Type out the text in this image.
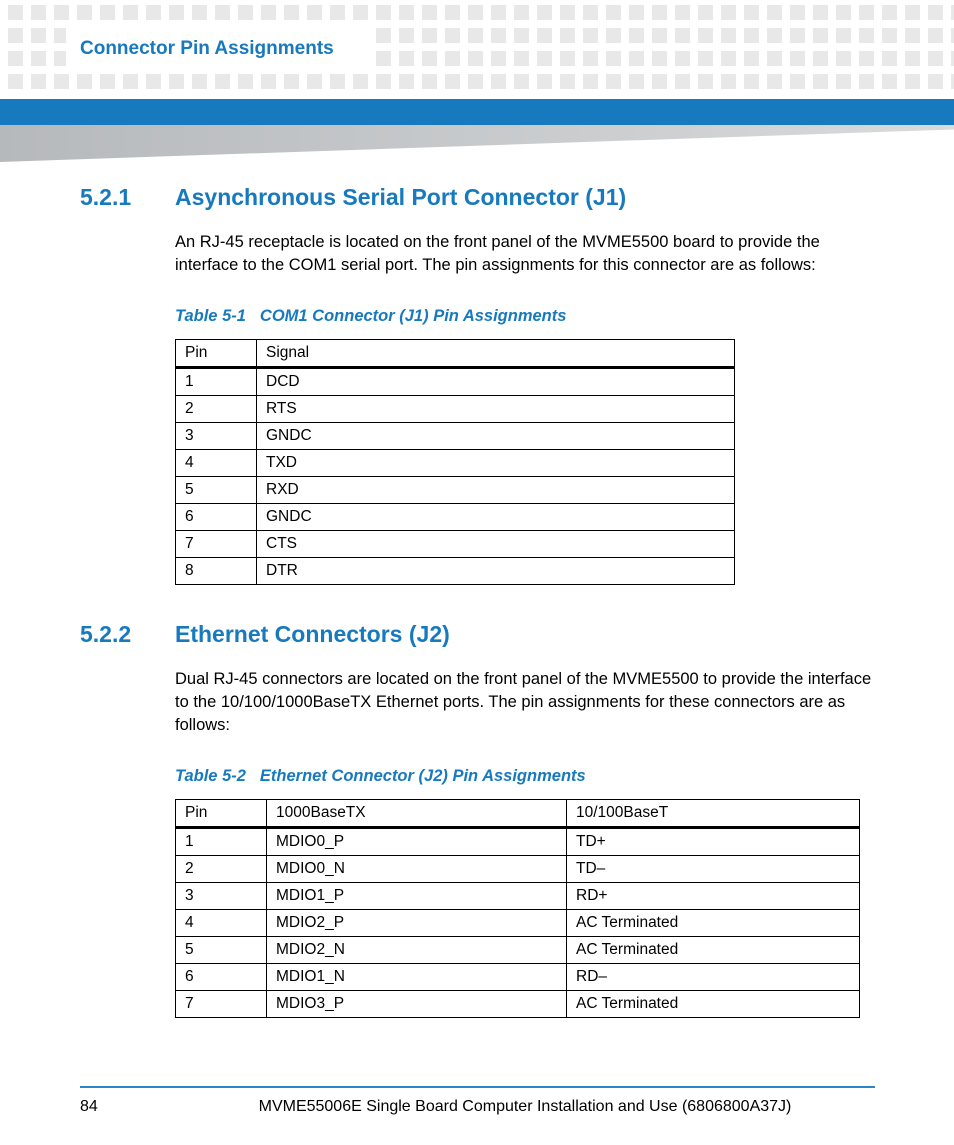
Connector Pin Assignments
5.2.1	Asynchronous Serial Port Connector (J1)

An RJ-45 receptacle is located on the front panel of the MVME5500 board to provide the interface to the COM1 serial port. The pin assignments for this connector are as follows:

Table 5-1 COM1 Connector (J1) Pin Assignments

Pin	Signal
1	DCD
2	RTS
3	GNDC
4	TXD
5	RXD
6	GNDC
7	CTS
8	DTR
5.2.2	Ethernet Connectors (J2)

Dual RJ-45 connectors are located on the front panel of the MVME5500 to provide the interface to the 10/100/1000BaseTX Ethernet ports. The pin assignments for these connectors are as follows:

Table 5-2 Ethernet Connector (J2) Pin Assignments

Pin	1000BaseTX	10/100BaseT
1	MDIO0_P	TD+
2	MDIO0_N	TD–
3	MDIO1_P	RD+
4	MDIO2_P	AC Terminated
5	MDIO2_N	AC Terminated
6	MDIO1_N	RD–
7	MDIO3_P	AC Terminated
84	MVME55006E Single Board Computer Installation and Use (6806800A37J)
